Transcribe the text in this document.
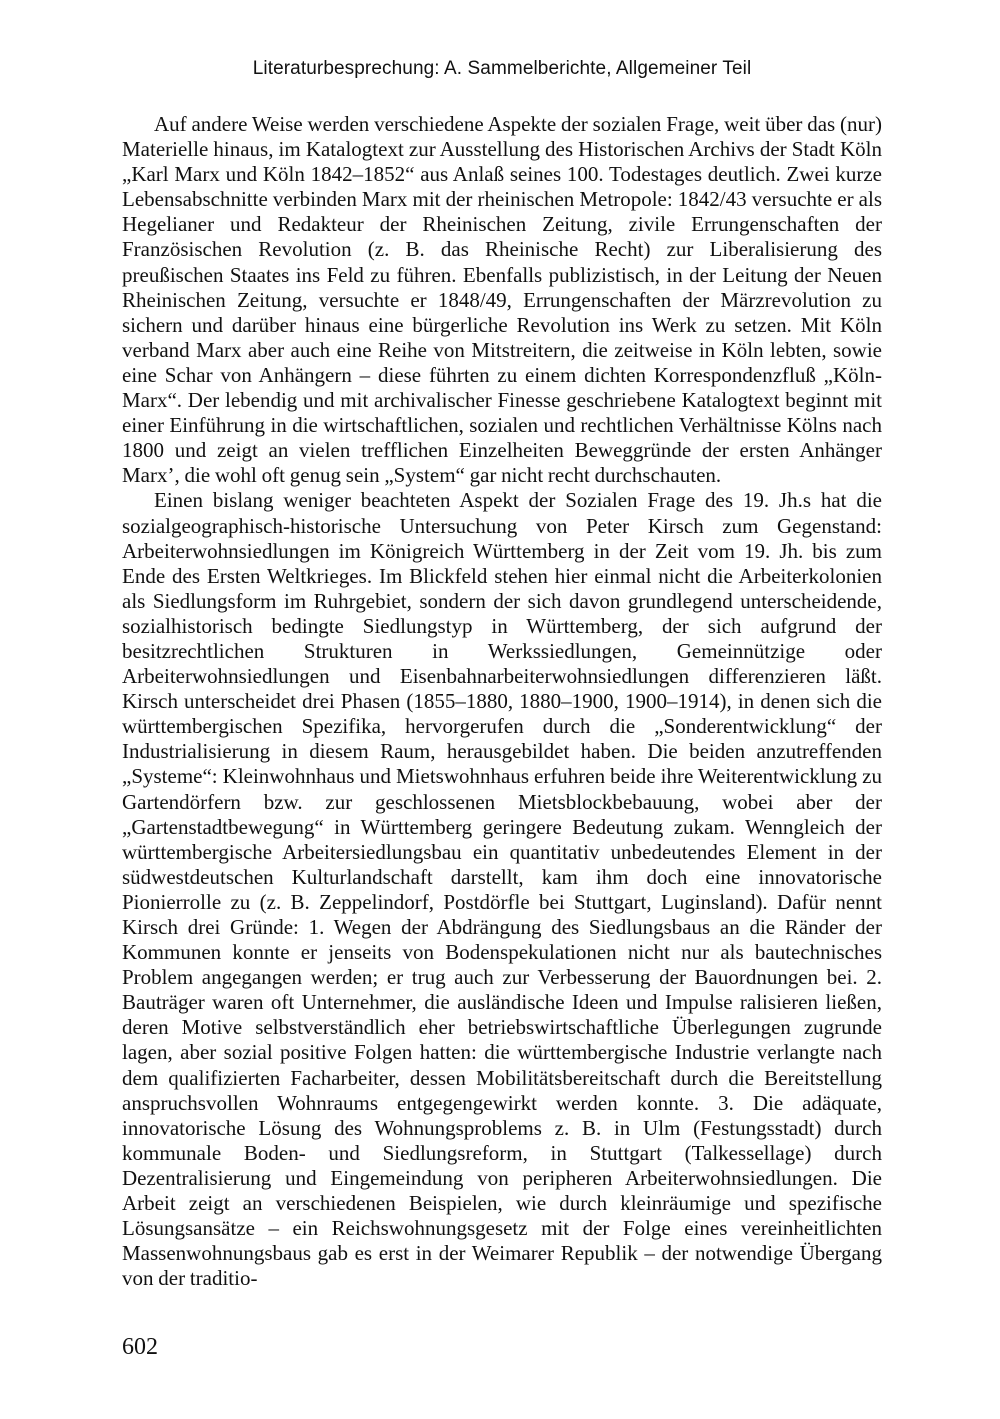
Literaturbesprechung: A. Sammelberichte, Allgemeiner Teil

Auf andere Weise werden verschiedene Aspekte der sozialen Frage, weit über das (nur) Materielle hinaus, im Katalogtext zur Ausstellung des Historischen Archivs der Stadt Köln „Karl Marx und Köln 1842–1852“ aus Anlaß seines 100. Todestages deutlich. Zwei kurze Lebensabschnitte verbinden Marx mit der rheinischen Metropole: 1842/43 versuchte er als Hegelianer und Redakteur der Rheinischen Zeitung, zivile Errungenschaften der Französischen Revolution (z. B. das Rheinische Recht) zur Liberalisierung des preußischen Staates ins Feld zu führen. Ebenfalls publizistisch, in der Leitung der Neuen Rheinischen Zeitung, versuchte er 1848/49, Errungenschaften der Märzrevolution zu sichern und darüber hinaus eine bürgerliche Revolution ins Werk zu setzen. Mit Köln verband Marx aber auch eine Reihe von Mitstreitern, die zeitweise in Köln lebten, sowie eine Schar von Anhängern – diese führten zu einem dichten Korrespondenzfluß „Köln-Marx“. Der lebendig und mit archivalischer Finesse geschriebene Katalogtext beginnt mit einer Einführung in die wirtschaftlichen, sozialen und rechtlichen Verhältnisse Kölns nach 1800 und zeigt an vielen trefflichen Einzelheiten Beweggründe der ersten Anhänger Marx’, die wohl oft genug sein „System“ gar nicht recht durchschauten.

Einen bislang weniger beachteten Aspekt der Sozialen Frage des 19. Jh.s hat die sozialgeographisch-historische Untersuchung von Peter Kirsch zum Gegenstand: Arbeiterwohnsiedlungen im Königreich Württemberg in der Zeit vom 19. Jh. bis zum Ende des Ersten Weltkrieges. Im Blickfeld stehen hier einmal nicht die Arbeiterkolonien als Siedlungsform im Ruhrgebiet, sondern der sich davon grundlegend unterscheidende, sozialhistorisch bedingte Siedlungstyp in Württemberg, der sich aufgrund der besitzrechtlichen Strukturen in Werkssiedlungen, Gemeinnützige oder Arbeiterwohnsiedlungen und Eisenbahnarbeiterwohnsiedlungen differenzieren läßt. Kirsch unterscheidet drei Phasen (1855–1880, 1880–1900, 1900–1914), in denen sich die württembergischen Spezifika, hervorgerufen durch die „Sonderentwicklung“ der Industrialisierung in diesem Raum, herausgebildet haben. Die beiden anzutreffenden „Systeme“: Kleinwohnhaus und Mietswohnhaus erfuhren beide ihre Weiterentwicklung zu Gartendörfern bzw. zur geschlossenen Mietsblockbebauung, wobei aber der „Gartenstadtbewegung“ in Württemberg geringere Bedeutung zukam. Wenngleich der württembergische Arbeitersiedlungsbau ein quantitativ unbedeutendes Element in der südwestdeutschen Kulturlandschaft darstellt, kam ihm doch eine innovatorische Pionierrolle zu (z. B. Zeppelindorf, Postdörfle bei Stuttgart, Luginsland). Dafür nennt Kirsch drei Gründe: 1. Wegen der Abdrängung des Siedlungsbaus an die Ränder der Kommunen konnte er jenseits von Bodenspekulationen nicht nur als bautechnisches Problem angegangen werden; er trug auch zur Verbesserung der Bauordnungen bei. 2. Bauträger waren oft Unternehmer, die ausländische Ideen und Impulse ralisieren ließen, deren Motive selbstverständlich eher betriebswirtschaftliche Überlegungen zugrunde lagen, aber sozial positive Folgen hatten: die württembergische Industrie verlangte nach dem qualifizierten Facharbeiter, dessen Mobilitätsbereitschaft durch die Bereitstellung anspruchsvollen Wohnraums entgegengewirkt werden konnte. 3. Die adäquate, innovatorische Lösung des Wohnungsproblems z. B. in Ulm (Festungsstadt) durch kommunale Boden- und Siedlungsreform, in Stuttgart (Talkessellage) durch Dezentralisierung und Eingemeindung von peripheren Arbeiterwohnsiedlungen. Die Arbeit zeigt an verschiedenen Beispielen, wie durch kleinräumige und spezifische Lösungsansätze – ein Reichswohnungsgesetz mit der Folge eines vereinheitlichten Massenwohnungsbaus gab es erst in der Weimarer Republik – der notwendige Übergang von der traditio-

602
